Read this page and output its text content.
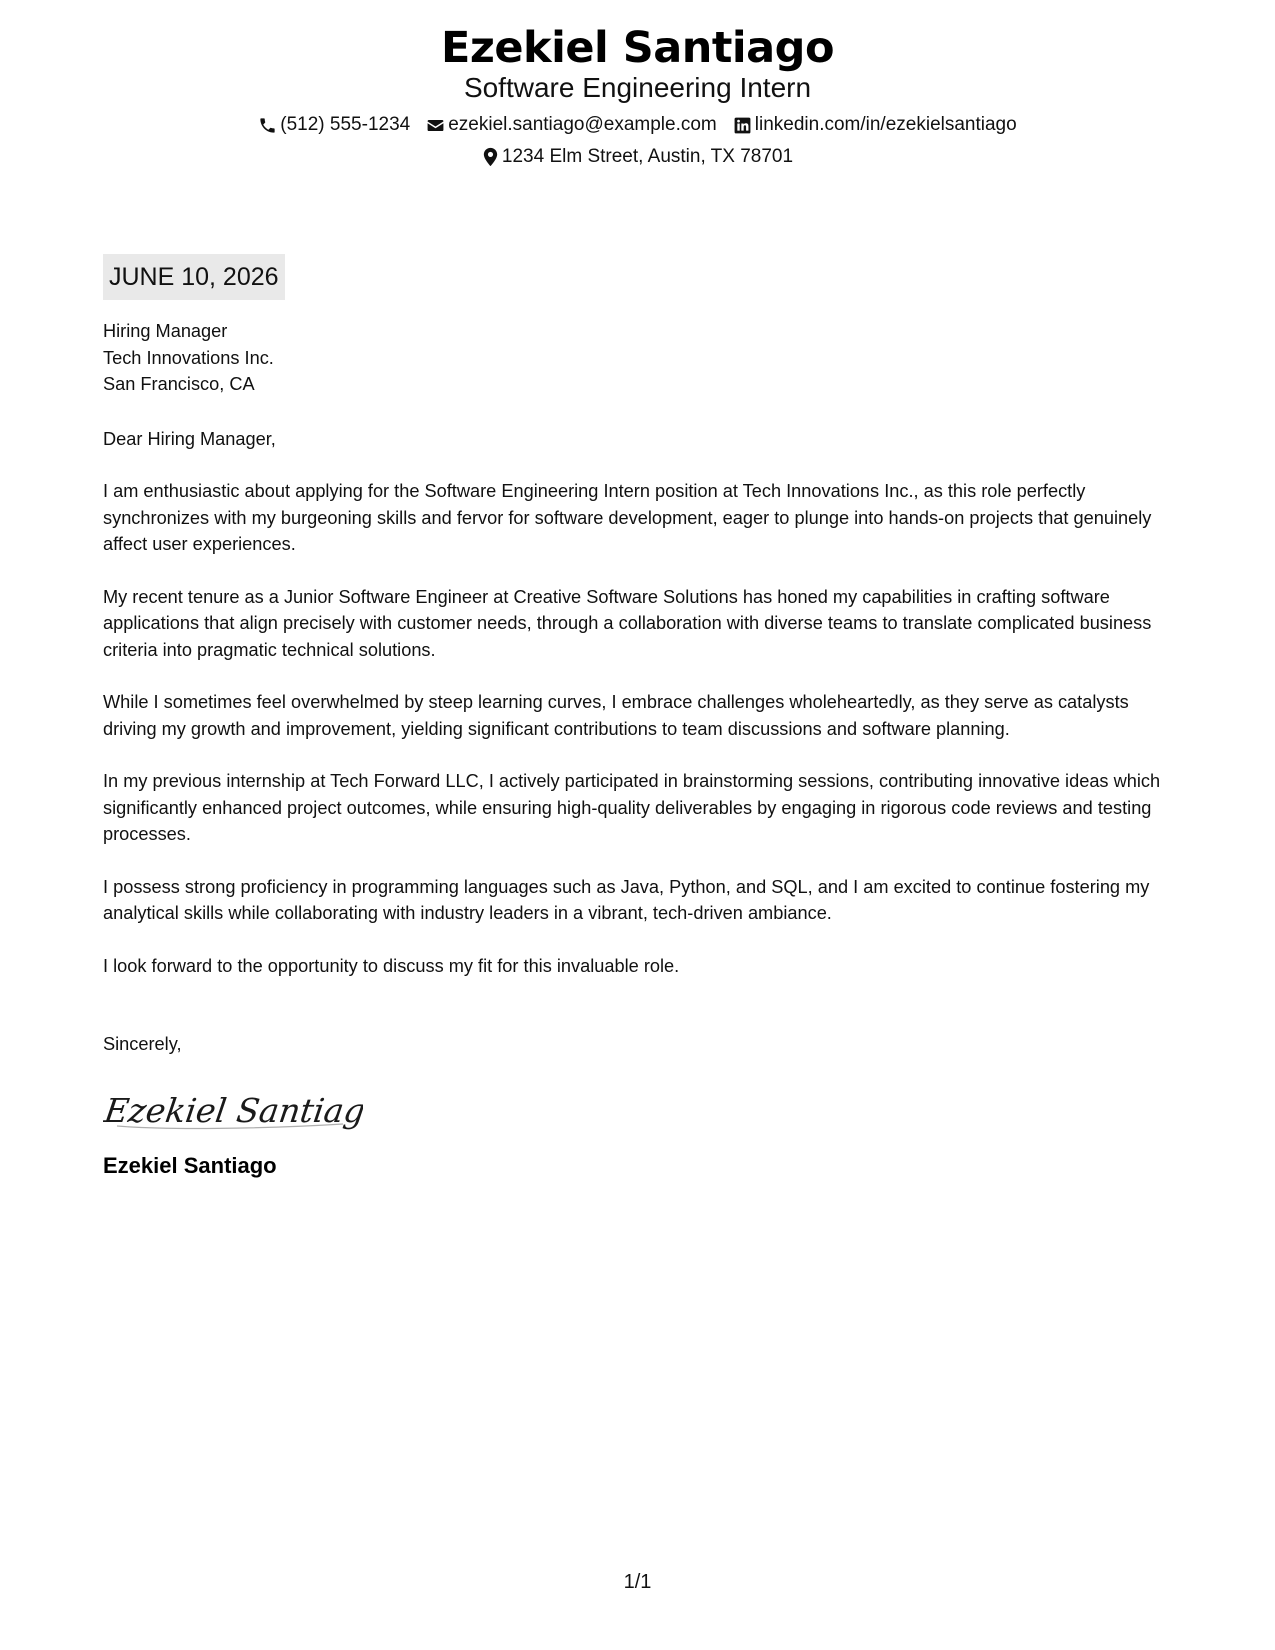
Ezekiel Santiago
Software Engineering Intern
(512) 555-1234 ezekiel.santiago@example.com linkedin.com/in/ezekielsantiago
1234 Elm Street, Austin, TX 78701
JUNE 10, 2026
Hiring Manager
Tech Innovations Inc.
San Francisco, CA
Dear Hiring Manager,

I am enthusiastic about applying for the Software Engineering Intern position at Tech Innovations Inc., as this role perfectly synchronizes with my burgeoning skills and fervor for software development, eager to plunge into hands-on projects that genuinely affect user experiences.

My recent tenure as a Junior Software Engineer at Creative Software Solutions has honed my capabilities in crafting software applications that align precisely with customer needs, through a collaboration with diverse teams to translate complicated business criteria into pragmatic technical solutions.

While I sometimes feel overwhelmed by steep learning curves, I embrace challenges wholeheartedly, as they serve as catalysts driving my growth and improvement, yielding significant contributions to team discussions and software planning.

In my previous internship at Tech Forward LLC, I actively participated in brainstorming sessions, contributing innovative ideas which significantly enhanced project outcomes, while ensuring high-quality deliverables by engaging in rigorous code reviews and testing processes.

I possess strong proficiency in programming languages such as Java, Python, and SQL, and I am excited to continue fostering my analytical skills while collaborating with industry leaders in a vibrant, tech-driven ambiance.

I look forward to the opportunity to discuss my fit for this invaluable role.

Sincerely,
Ezekiel Santiago
Ezekiel Santiago
1/1
